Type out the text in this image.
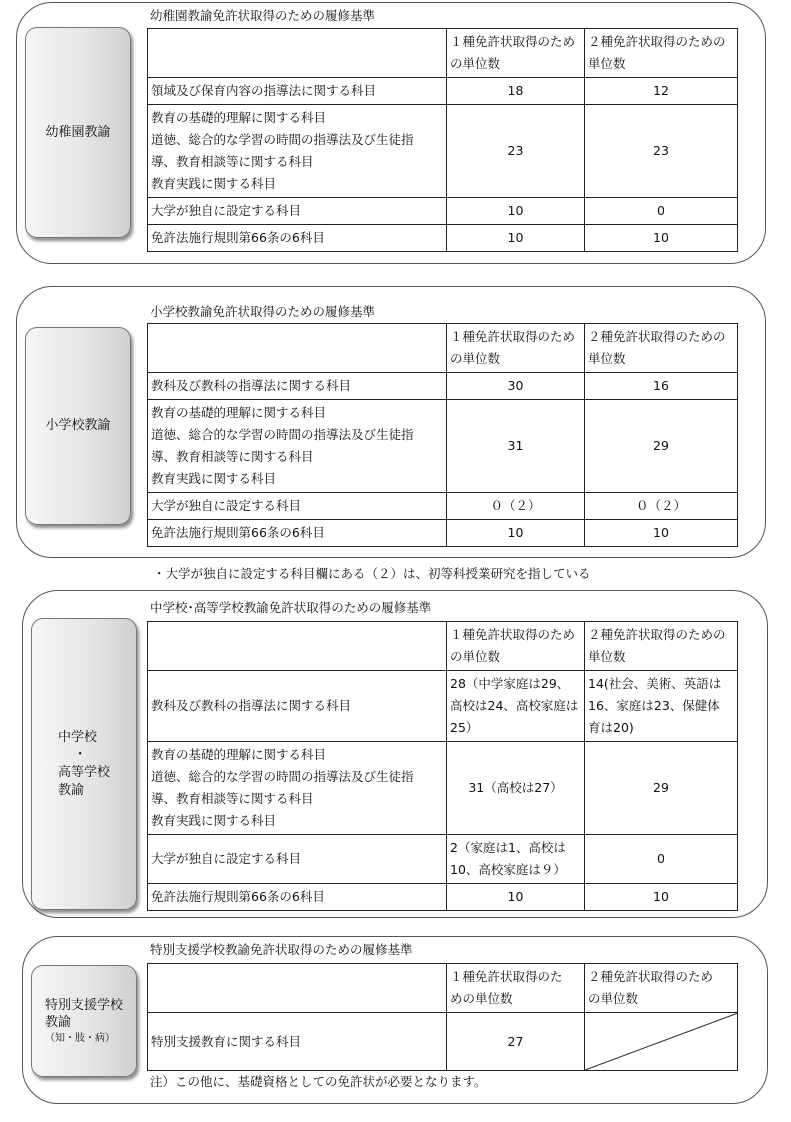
幼稚園教諭
幼稚園教諭免許状取得のための履修基準
	１種免許状取得のための単位数	２種免許状取得のための単位数

領域及び保育内容の指導法に関する科目	18	12

教育の基礎的理解に関する科目
道徳、総合的な学習の時間の指導法及び生徒指
導、教育相談等に関する科目
教育実践に関する科目	23	23

大学が独自に設定する科目	10	0

免許法施行規則第66条の6科目	10	10
小学校教諭
小学校教諭免許状取得のための履修基準
	１種免許状取得のための単位数	２種免許状取得のための単位数

教科及び教科の指導法に関する科目	30	16

教育の基礎的理解に関する科目
道徳、総合的な学習の時間の指導法及び生徒指
導、教育相談等に関する科目
教育実践に関する科目	31	29

大学が独自に設定する科目	０（２）	０（２）

免許法施行規則第66条の6科目	10	10
・大学が独自に設定する科目欄にある（２）は、初等科授業研究を指している
中学校
・
高等学校
教諭
中学校･高等学校教諭免許状取得のための履修基準
	１種免許状取得のための単位数	２種免許状取得のための単位数

教科及び教科の指導法に関する科目	28（中学家庭は29、
高校は24、高校家庭は
25）	14(社会、美術、英語は
16、家庭は23、保健体
育は20)

教育の基礎的理解に関する科目
道徳、総合的な学習の時間の指導法及び生徒指
導、教育相談等に関する科目
教育実践に関する科目	31（高校は27）	29

大学が独自に設定する科目	2（家庭は1、高校は
10、高校家庭は９）	0

免許法施行規則第66条の6科目	10	10
特別支援学校
教諭
（知・肢・病）
特別支援学校教諭免許状取得のための履修基準

	１種免許状取得のた
めの単位数	２種免許状取得のため
の単位数

特別支援教育に関する科目	27	
注）この他に、基礎資格としての免許状が必要となります。
